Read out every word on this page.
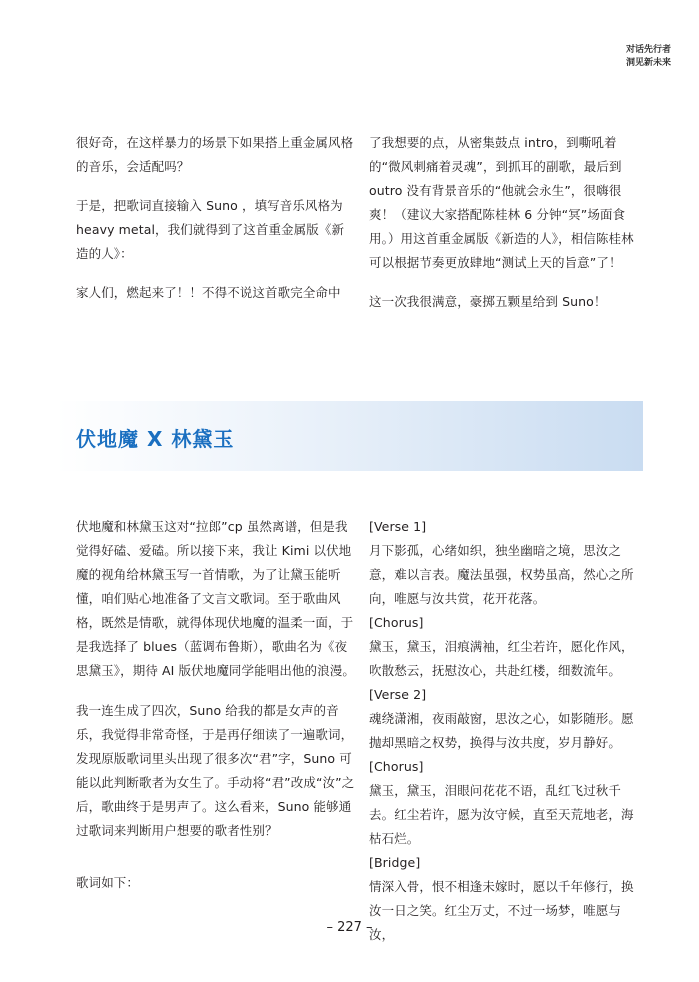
对话先行者
洞见新未来

很好奇，在这样暴力的场景下如果搭上重金属风格的音乐，会适配吗？

于是，把歌词直接输入 Suno ，填写音乐风格为 heavy metal，我们就得到了这首重金属版《新造的人》：

家人们，燃起来了！！不得不说这首歌完全命中

了我想要的点，从密集鼓点 intro，到嘶吼着的“微风刺痛着灵魂”，到抓耳的副歌，最后到 outro 没有背景音乐的“他就会永生”，很嗨很爽！（建议大家搭配陈桂林 6 分钟“冥”场面食用。）用这首重金属版《新造的人》，相信陈桂林可以根据节奏更放肆地“测试上天的旨意”了！

这一次我很满意，豪掷五颗星给到 Suno！

伏地魔 X 林黛玉

伏地魔和林黛玉这对“拉郎”cp 虽然离谱，但是我觉得好磕、爱磕。所以接下来，我让 Kimi 以伏地魔的视角给林黛玉写一首情歌，为了让黛玉能听懂，咱们贴心地准备了文言文歌词。至于歌曲风格，既然是情歌，就得体现伏地魔的温柔一面，于是我选择了 blues（蓝调布鲁斯），歌曲名为《夜思黛玉》，期待 AI 版伏地魔同学能唱出他的浪漫。

我一连生成了四次，Suno 给我的都是女声的音乐，我觉得非常奇怪，于是再仔细读了一遍歌词，发现原版歌词里头出现了很多次“君”字，Suno 可能以此判断歌者为女生了。手动将“君”改成“汝”之后，歌曲终于是男声了。这么看来，Suno 能够通过歌词来判断用户想要的歌者性别？

歌词如下：

[Verse 1]
月下影孤，心绪如织，独坐幽暗之境，思汝之意，难以言表。魔法虽强，权势虽高，然心之所向，唯愿与汝共赏，花开花落。
[Chorus]
黛玉，黛玉，泪痕满袖，红尘若许，愿化作风，吹散愁云，抚慰汝心，共赴红楼，细数流年。
[Verse 2]
魂绕潇湘，夜雨敲窗，思汝之心，如影随形。愿抛却黑暗之权势，换得与汝共度，岁月静好。
[Chorus]
黛玉，黛玉，泪眼问花花不语，乱红飞过秋千去。红尘若许，愿为汝守候，直至天荒地老，海枯石烂。
[Bridge]
情深入骨，恨不相逢未嫁时，愿以千年修行，换汝一日之笑。红尘万丈，不过一场梦，唯愿与汝，
– 227 –
